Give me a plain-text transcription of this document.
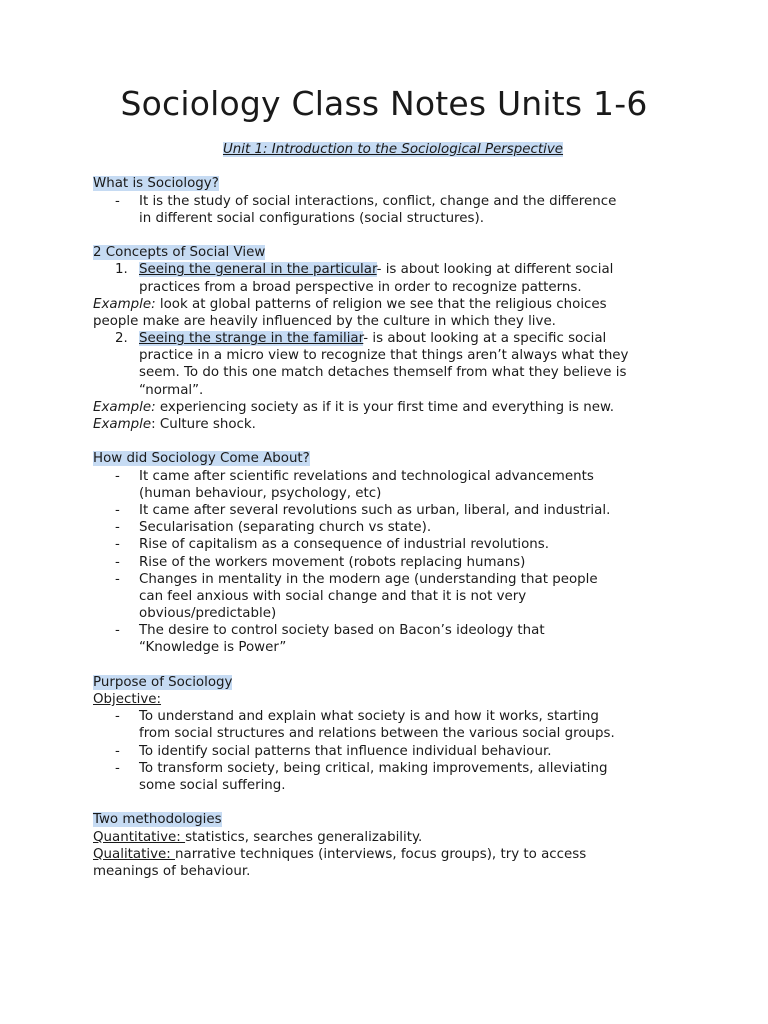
Sociology Class Notes Units 1-6
Unit 1: Introduction to the Sociological Perspective
What is Sociology?
- It is the study of social interactions, conflict, change and the difference
in different social configurations (social structures).
2 Concepts of Social View
1. Seeing the general in the particular- is about looking at different social
practices from a broad perspective in order to recognize patterns.
Example: look at global patterns of religion we see that the religious choices
people make are heavily influenced by the culture in which they live.
2. Seeing the strange in the familiar- is about looking at a specific social
practice in a micro view to recognize that things aren’t always what they
seem. To do this one match detaches themself from what they believe is
“normal”.
Example: experiencing society as if it is your first time and everything is new.
Example: Culture shock.
How did Sociology Come About?
- It came after scientific revelations and technological advancements
(human behaviour, psychology, etc)
- It came after several revolutions such as urban, liberal, and industrial.
- Secularisation (separating church vs state).
- Rise of capitalism as a consequence of industrial revolutions.
- Rise of the workers movement (robots replacing humans)
- Changes in mentality in the modern age (understanding that people
can feel anxious with social change and that it is not very
obvious/predictable)
- The desire to control society based on Bacon’s ideology that
“Knowledge is Power”
Purpose of Sociology
Objective:
- To understand and explain what society is and how it works, starting
from social structures and relations between the various social groups.
- To identify social patterns that influence individual behaviour.
- To transform society, being critical, making improvements, alleviating
some social suffering.
Two methodologies
Quantitative: statistics, searches generalizability.
Qualitative: narrative techniques (interviews, focus groups), try to access
meanings of behaviour.
